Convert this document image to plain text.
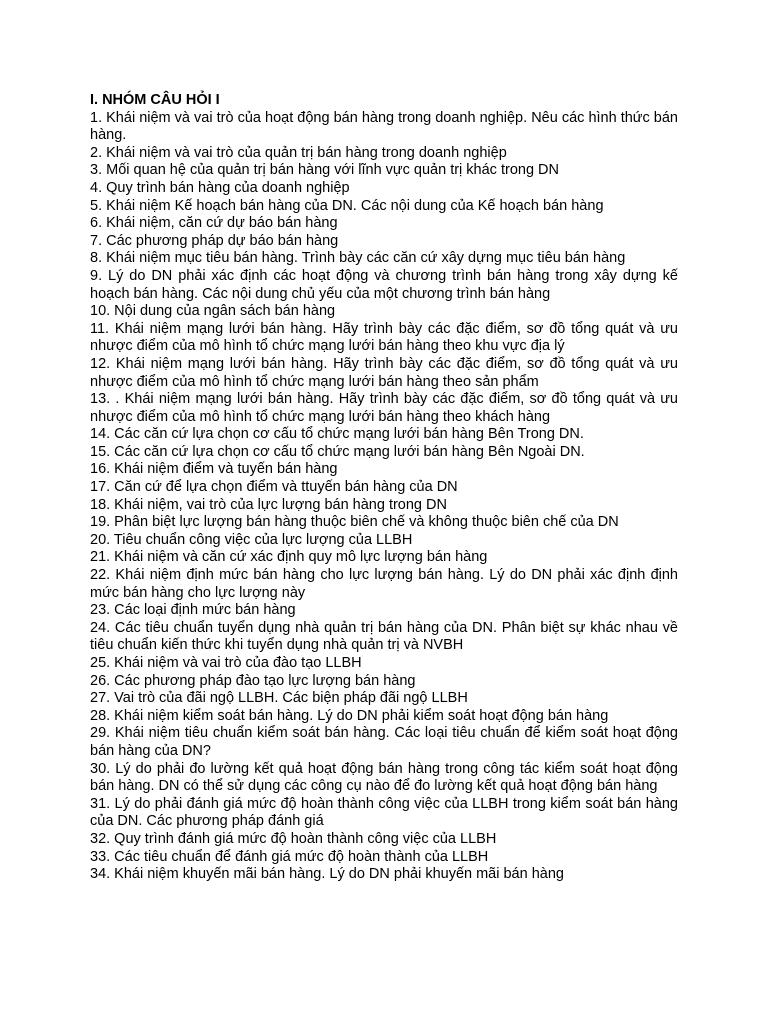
I. NHÓM CÂU HỎI I

1. Khái niệm và vai trò của hoạt động bán hàng trong doanh nghiệp. Nêu các hình thức bán hàng.
2. Khái niệm và vai trò của quản trị bán hàng trong doanh nghiệp
3. Mối quan hệ của quản trị bán hàng với lĩnh vực quản trị khác trong DN
4. Quy trình bán hàng của doanh nghiệp
5. Khái niệm Kế hoạch bán hàng của DN. Các nội dung của Kế hoạch bán hàng
6. Khái niệm, căn cứ dự báo bán hàng
7. Các phương pháp dự báo bán hàng
8. Khái niệm mục tiêu bán hàng. Trình bày các căn cứ xây dựng mục tiêu bán hàng
9. Lý do DN phải xác định các hoạt động và chương trình bán hàng trong xây dựng kế hoạch bán hàng. Các nội dung chủ yếu của một chương trình bán hàng
10. Nội dung của ngân sách bán hàng
11. Khái niệm mạng lưới bán hàng. Hãy trình bày các đặc điểm, sơ đồ tổng quát và ưu nhược điểm của mô hình tổ chức mạng lưới bán hàng theo khu vực địa lý
12. Khái niệm mạng lưới bán hàng. Hãy trình bày các đặc điểm, sơ đồ tổng quát và ưu nhược điểm của mô hình tổ chức mạng lưới bán hàng theo sản phẩm
13. . Khái niệm mạng lưới bán hàng. Hãy trình bày các đặc điểm, sơ đồ tổng quát và ưu nhược điểm của mô hình tổ chức mạng lưới bán hàng theo khách hàng
14. Các căn cứ lựa chọn cơ cấu tổ chức mạng lưới bán hàng Bên Trong DN.
15. Các căn cứ lựa chọn cơ cấu tổ chức mạng lưới bán hàng Bên Ngoài DN.
16. Khái niệm điểm và tuyến bán hàng
17. Căn cứ để lựa chọn điểm và ttuyến bán hàng của DN
18. Khái niệm, vai trò của lực lượng bán hàng trong DN
19. Phân biệt lực lượng bán hàng thuộc biên chế và không thuộc biên chế của DN
20. Tiêu chuẩn công việc của lực lượng của LLBH
21. Khái niệm và căn cứ xác định quy mô lực lượng bán hàng
22. Khái niệm định mức bán hàng cho lực lượng bán hàng. Lý do DN phải xác định định mức bán hàng cho lực lượng này
23. Các loại định mức bán hàng
24. Các tiêu chuẩn tuyển dụng nhà quản trị bán hàng của DN. Phân biệt sự khác nhau về tiêu chuẩn kiến thức khi tuyển dụng nhà quản trị và NVBH
25. Khái niệm và vai trò của đào tạo LLBH
26. Các phương pháp đào tạo lực lượng bán hàng
27. Vai trò của đãi ngộ LLBH. Các biện pháp đãi ngộ LLBH
28. Khái niệm kiểm soát bán hàng. Lý do DN phải kiểm soát hoạt động bán hàng
29. Khái niệm tiêu chuẩn kiểm soát bán hàng. Các loại tiêu chuẩn để kiểm soát hoạt động bán hàng của DN?
30. Lý do phải đo lường kết quả hoạt động bán hàng trong công tác kiểm soát hoạt động bán hàng. DN có thể sử dụng các công cụ nào để đo lường kết quả hoạt động bán hàng
31. Lý do phải đánh giá mức độ hoàn thành công việc của LLBH trong kiểm soát bán hàng của DN. Các phương pháp đánh giá
32. Quy trình đánh giá mức độ hoàn thành công việc của LLBH
33. Các tiêu chuẩn để đánh giá mức độ hoàn thành của LLBH
34. Khái niệm khuyến mãi bán hàng. Lý do DN phải khuyến mãi bán hàng
